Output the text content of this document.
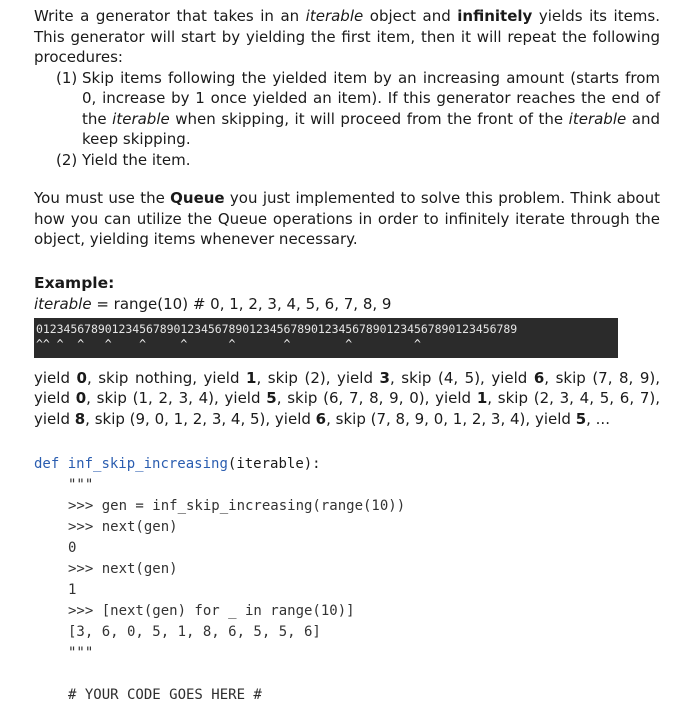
Write a generator that takes in an iterable object and infinitely yields its items. This generator will start by yielding the first item, then it will repeat the following procedures:

(1) Skip items following the yielded item by an increasing amount (starts from 0, increase by 1 once yielded an item). If this generator reaches the end of the iterable when skipping, it will proceed from the front of the iterable and keep skipping.
(2) Yield the item.

You must use the Queue you just implemented to solve this problem. Think about how you can utilize the Queue operations in order to infinitely iterate through the object, yielding items whenever necessary.

Example:

iterable = range(10) # 0, 1, 2, 3, 4, 5, 6, 7, 8, 9

0123456789012345678901234567890123456789012345678901234567890123456789
^^ ^  ^   ^    ^     ^      ^       ^        ^         ^
yield 0, skip nothing, yield 1, skip (2), yield 3, skip (4, 5), yield 6, skip (7, 8, 9), yield 0, skip (1, 2, 3, 4), yield 5, skip (6, 7, 8, 9, 0), yield 1, skip (2, 3, 4, 5, 6, 7), yield 8, skip (9, 0, 1, 2, 3, 4, 5), yield 6, skip (7, 8, 9, 0, 1, 2, 3, 4), yield 5, ...
def inf_skip_increasing(iterable):
"""
>>> gen = inf_skip_increasing(range(10))
>>> next(gen)
0
>>> next(gen)
1
>>> [next(gen) for _ in range(10)]
[3, 6, 0, 5, 1, 8, 6, 5, 5, 6]
"""

# YOUR CODE GOES HERE #
